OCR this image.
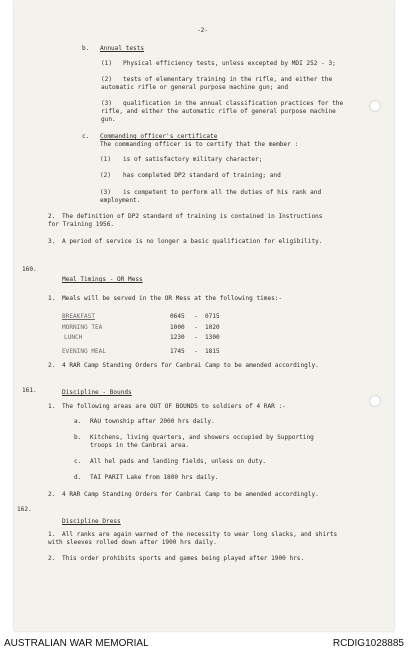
-2-
b. Annual tests
(1) Physical efficiency tests, unless excepted by MDI 252 - 3;
(2) tests of elementary training in the rifle, and either the
automatic rifle or general purpose machine gun; and
(3) qualification in the annual classification practices for the
rifle, and either the automatic rifle of general purpose machine
gun.
c. Commanding officer's certificate
The commanding officer is to certify that the member :
(1) is of satisfactory military character;
(2) has completed DP2 standard of training; and
(3) is competent to perform all the duties of his rank and
employment.
2. The definition of DP2 standard of training is contained in Instructions
for Training 1956.
3. A period of service is no longer a basic qualification for eligibility.
160.
Meal Timings - OR Mess
1. Meals will be served in the OR Mess at the following times:-
BREAKFAST	0645 - 0715
MORNING TEA	1000 - 1020
LUNCH	1230 - 1300
EVENING MEAL	1745 - 1815
2. 4 RAR Camp Standing Orders for Canbrai Camp to be amended accordingly.
161.	Discipline - Bounds
1. The following areas are OUT OF BOUNDS to soldiers of 4 RAR :-
a. RAU township after 2000 hrs daily.
b. Kitchens, living quarters, and showers occupied by Supporting
troops in the Canbrai area.
c. All hel pads and landing fields, unless on duty.
d. TAI PARIT Lake from 1800 hrs daily.
2. 4 RAR Camp Standing Orders for Canbrai Camp to be amended accordingly.
162.
Discipline Dress
1. All ranks are again warned of the necessity to wear long slacks, and shirts
with sleeves rolled down after 1900 hrs daily.
2. This order prohibits sports and games being played after 1900 hrs.
AUSTRALIAN WAR MEMORIAL	RCDIG1028885
